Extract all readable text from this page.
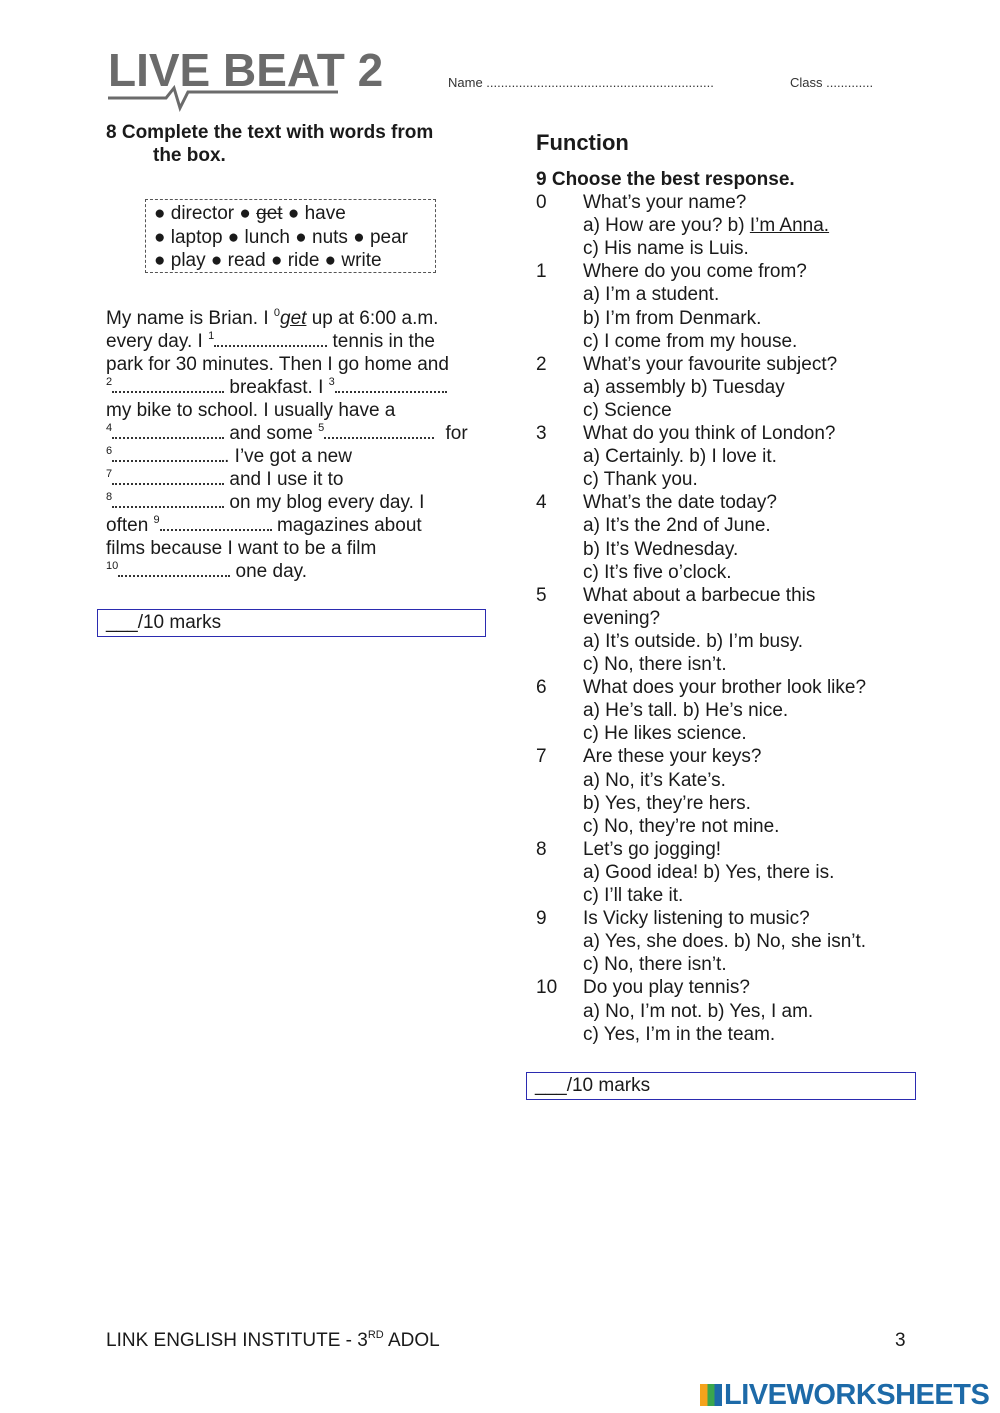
LIVE BEAT 2	Name ...............................................................	Class .............
8 Complete the text with words from
the box.
● director ● get ● have
● laptop ● lunch ● nuts ● pear
● play ● read ● ride ● write
My name is Brian. I $^0$get up at 6:00 a.m.
every day. I $^1$	tennis in the
park for 30 minutes. Then I go home and
$^2$	breakfast. I $^3$
my bike to school. I usually have a
$^4$	and some $^5$	for
$^6$	. I’ve got a new
$^7$	and I use it to
$^8$	on my blog every day. I
often $^9$	magazines about
films because I want to be a film
$^{10}$	one day.
___/10 marks
Function
9 Choose the best response.
0 What’s your name?
a) How are you? b) I’m Anna.
c) His name is Luis.
1 Where do you come from?
a) I’m a student.
b) I’m from Denmark.
c) I come from my house.
2 What’s your favourite subject?
a) assembly b) Tuesday
c) Science
3 What do you think of London?
a) Certainly. b) I love it.
c) Thank you.
4 What’s the date today?
a) It’s the 2nd of June.
b) It’s Wednesday.
c) It’s five o’clock.
5 What about a barbecue this
evening?
a) It’s outside. b) I’m busy.
c) No, there isn’t.
6 What does your brother look like?
a) He’s tall. b) He’s nice.
c) He likes science.
7 Are these your keys?
a) No, it’s Kate’s.
b) Yes, they’re hers.
c) No, they’re not mine.
8 Let’s go jogging!
a) Good idea! b) Yes, there is.
c) I’ll take it.
9 Is Vicky listening to music?
a) Yes, she does. b) No, she isn’t.
c) No, there isn’t.
10 Do you play tennis?
a) No, I’m not. b) Yes, I am.
c) Yes, I’m in the team.
___/10 marks
LINK ENGLISH INSTITUTE - 3RD ADOL	3
LIVEWORKSHEETS
